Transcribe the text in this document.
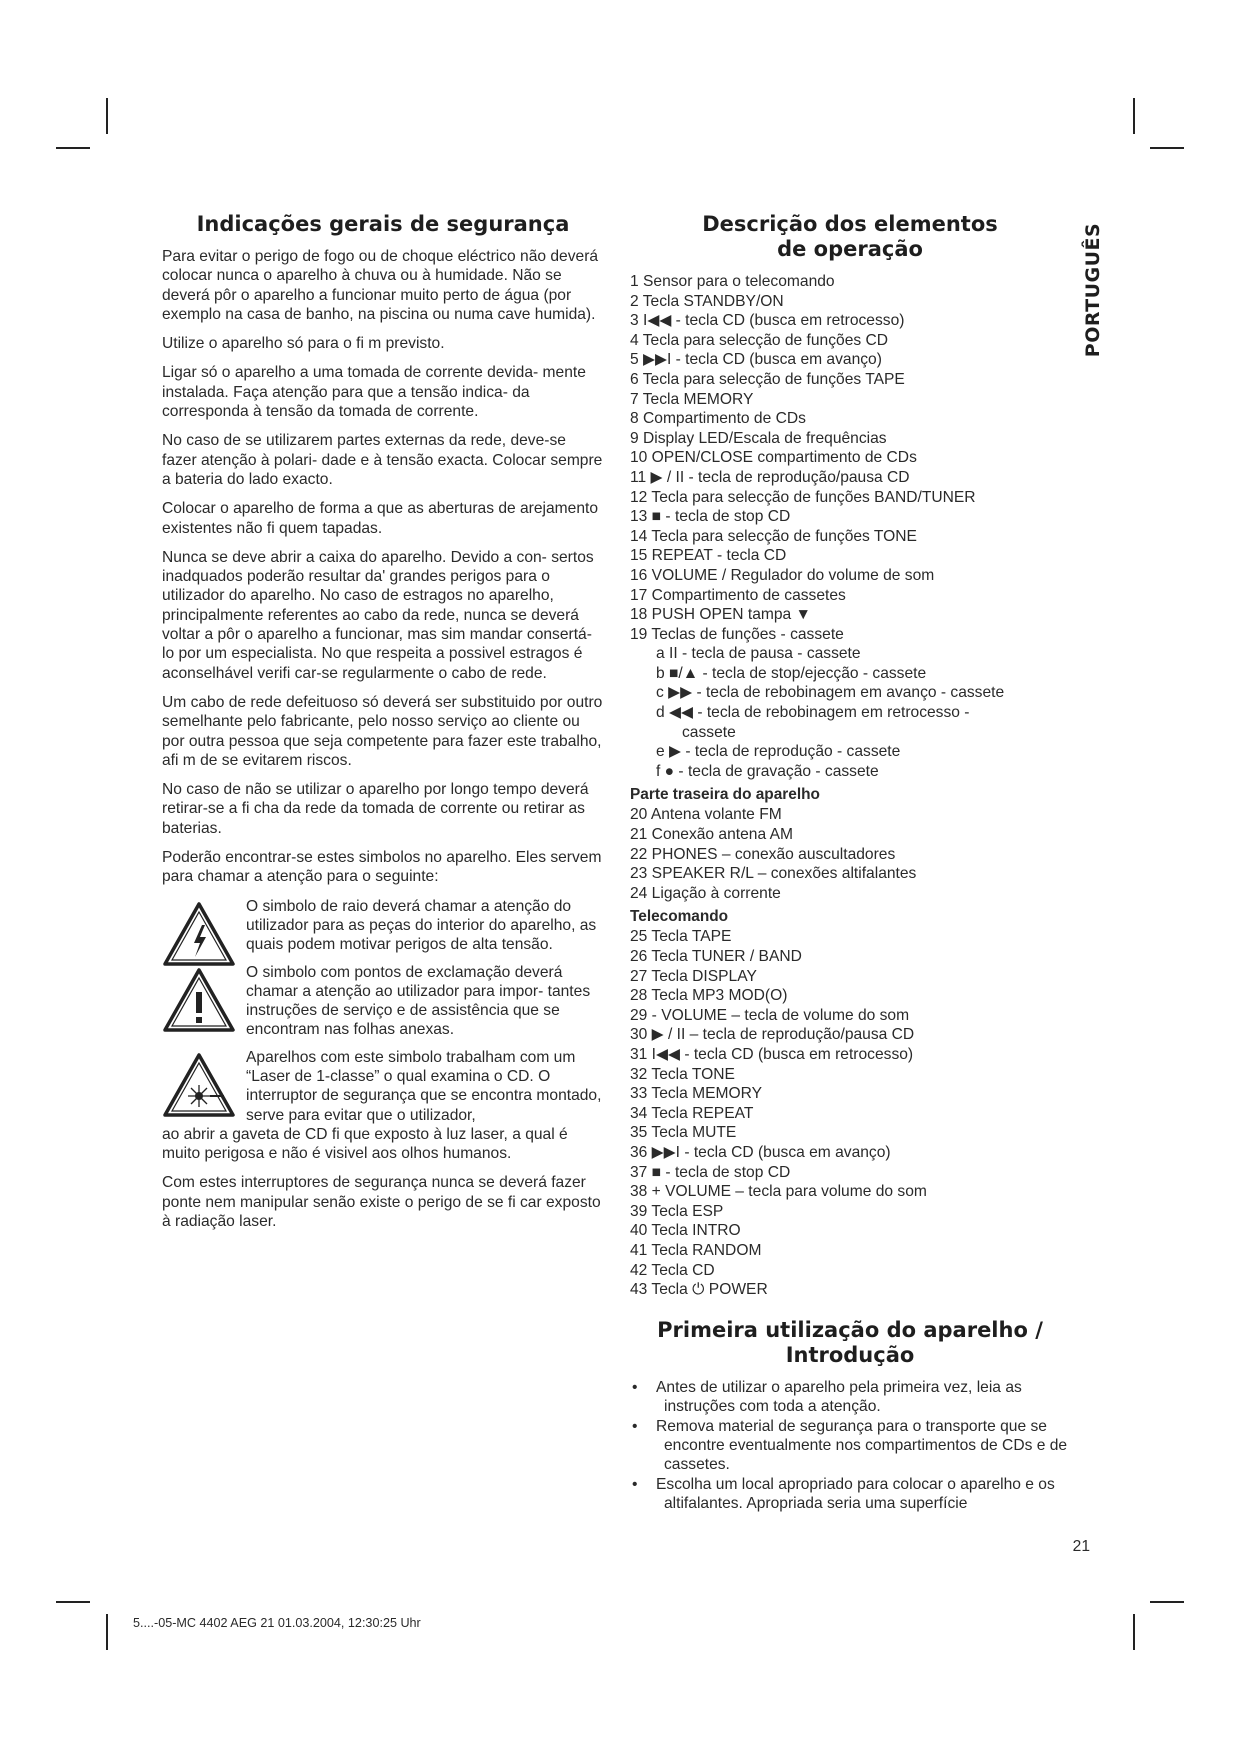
PORTUGUÊS
Indicações gerais de segurança

Para evitar o perigo de fogo ou de choque eléctrico não deverá colocar nunca o aparelho à chuva ou à humidade. Não se deverá pôr o aparelho a funcionar muito perto de água (por exemplo na casa de banho, na piscina ou numa cave humida).

Utilize o aparelho só para o fi m previsto.

Ligar só o aparelho a uma tomada de corrente devida- mente instalada. Faça atenção para que a tensão indica- da corresponda à tensão da tomada de corrente.

No caso de se utilizarem partes externas da rede, deve-se fazer atenção à polari- dade e à tensão exacta. Colocar sempre a bateria do lado exacto.

Colocar o aparelho de forma a que as aberturas de arejamento existentes não fi quem tapadas.

Nunca se deve abrir a caixa do aparelho. Devido a con- sertos inadquados poderão resultar da' grandes perigos para o utilizador do aparelho. No caso de estragos no aparelho, principalmente referentes ao cabo da rede, nunca se deverá voltar a pôr o aparelho a funcionar, mas sim mandar consertá-lo por um especialista. No que respeita a possivel estragos é aconselhável verifi car-se regularmente o cabo de rede.

Um cabo de rede defeituoso só deverá ser substituido por outro semelhante pelo fabricante, pelo nosso serviço ao cliente ou por outra pessoa que seja competente para fazer este trabalho, afi m de se evitarem riscos.

No caso de não se utilizar o aparelho por longo tempo deverá retirar-se a fi cha da rede da tomada de corrente ou retirar as baterias.

Poderão encontrar-se estes simbolos no aparelho. Eles servem para chamar a atenção para o seguinte:

O simbolo de raio deverá chamar a atenção do utilizador para as peças do interior do aparelho, as quais podem motivar perigos de alta tensão.
O simbolo com pontos de exclamação deverá chamar a atenção ao utilizador para impor- tantes instruções de serviço e de assistência que se encontram nas folhas anexas.
Aparelhos com este simbolo trabalham com um “Laser de 1-classe” o qual examina o CD. O interruptor de segurança que se encontra montado, serve para evitar que o utilizador,
ao abrir a gaveta de CD fi que exposto à luz laser, a qual é muito perigosa e não é visivel aos olhos humanos.

Com estes interruptores de segurança nunca se deverá fazer ponte nem manipular senão existe o perigo de se fi car exposto à radiação laser.

Descrição dos elementos
de operação
1 Sensor para o telecomando
2 Tecla STANDBY/ON
3 I◀◀ - tecla CD (busca em retrocesso)
4 Tecla para selecção de funções CD
5 ▶▶I - tecla CD (busca em avanço)
6 Tecla para selecção de funções TAPE
7 Tecla MEMORY
8 Compartimento de CDs
9 Display LED/Escala de frequências
10 OPEN/CLOSE compartimento de CDs
11 ▶ / II - tecla de reprodução/pausa CD
12 Tecla para selecção de funções BAND/TUNER
13 ■ - tecla de stop CD
14 Tecla para selecção de funções TONE
15 REPEAT - tecla CD
16 VOLUME / Regulador do volume de som
17 Compartimento de cassetes
18 PUSH OPEN tampa ▼
19 Teclas de funções - cassete
a II - tecla de pausa - cassete
b ■/▲ - tecla de stop/ejecção - cassete
c ▶▶ - tecla de rebobinagem em avanço - cassete
d ◀◀ - tecla de rebobinagem em retrocesso -
cassete
e ▶ - tecla de reprodução - cassete
f ● - tecla de gravação - cassete
Parte traseira do aparelho
20 Antena volante FM
21 Conexão antena AM
22 PHONES – conexão auscultadores
23 SPEAKER R/L – conexões altifalantes
24 Ligação à corrente
Telecomando
25 Tecla TAPE
26 Tecla TUNER / BAND
27 Tecla DISPLAY
28 Tecla MP3 MOD(O)
29 - VOLUME – tecla de volume do som
30 ▶ / II – tecla de reprodução/pausa CD
31 I◀◀ - tecla CD (busca em retrocesso)
32 Tecla TONE
33 Tecla MEMORY
34 Tecla REPEAT
35 Tecla MUTE
36 ▶▶I - tecla CD (busca em avanço)
37 ■ - tecla de stop CD
38 + VOLUME – tecla para volume do som
39 Tecla ESP
40 Tecla INTRO
41 Tecla RANDOM
42 Tecla CD
43 Tecla ⏻ POWER
Primeira utilização do aparelho /
Introdução
• Antes de utilizar o aparelho pela primeira vez, leia as instruções com toda a atenção.
• Remova material de segurança para o transporte que se encontre eventualmente nos compartimentos de CDs e de cassetes.
• Escolha um local apropriado para colocar o aparelho e os altifalantes. Apropriada seria uma superfície
21
5....-05-MC 4402 AEG 21 01.03.2004, 12:30:25 Uhr
